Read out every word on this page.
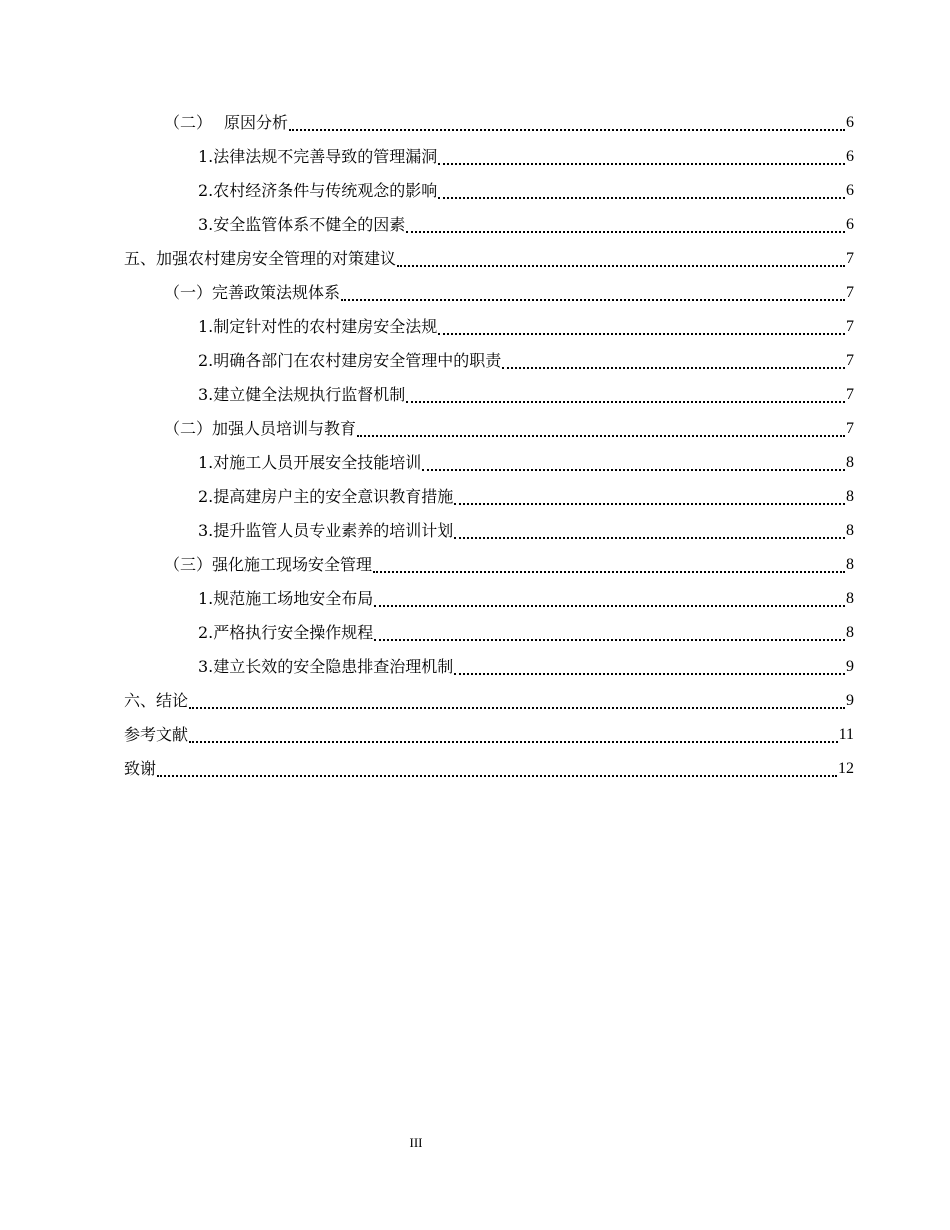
（二） 原因分析	6
1.法律法规不完善导致的管理漏洞	6
2.农村经济条件与传统观念的影响	6
3.安全监管体系不健全的因素	6
五、加强农村建房安全管理的对策建议	7
（一）完善政策法规体系	7
1.制定针对性的农村建房安全法规	7
2.明确各部门在农村建房安全管理中的职责	7
3.建立健全法规执行监督机制	7
（二）加强人员培训与教育	7
1.对施工人员开展安全技能培训	8
2.提高建房户主的安全意识教育措施	8
3.提升监管人员专业素养的培训计划	8
（三）强化施工现场安全管理	8
1.规范施工场地安全布局	8
2.严格执行安全操作规程	8
3.建立长效的安全隐患排查治理机制	9
六、结论	9
参考文献	11
致谢	12
III
